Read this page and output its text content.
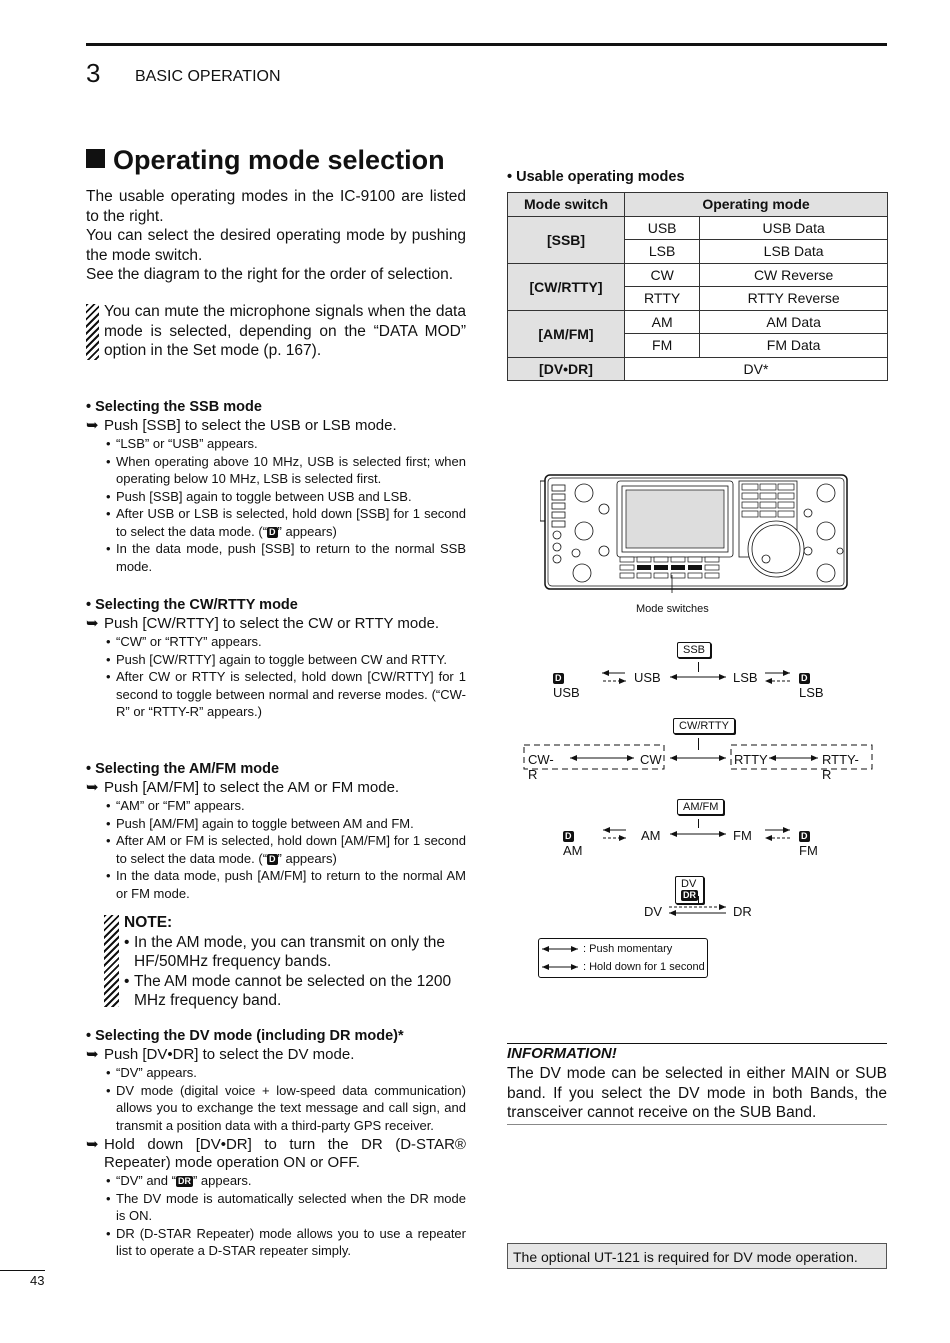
3 BASIC OPERATION
Operating mode selection
The usable operating modes in the IC-9100 are listed to the right.
You can select the desired operating mode by pushing the mode switch.
See the diagram to the right for the order of selection.
You can mute the microphone signals when the data mode is selected, depending on the “DATA MOD” option in the Set mode (p. 167).
• Selecting the SSB mode
➥ Push [SSB] to select the USB or LSB mode.
• “LSB” or “USB” appears.
• When operating above 10 MHz, USB is selected first; when operating below 10 MHz, LSB is selected first.
• Push [SSB] again to toggle between USB and LSB.
• After USB or LSB is selected, hold down [SSB] for 1 second to select the data mode. (“ D ” appears)
• In the data mode, push [SSB] to return to the normal SSB mode.
• Selecting the CW/RTTY mode
➥ Push [CW/RTTY] to select the CW or RTTY mode.
• “CW” or “RTTY” appears.
• Push [CW/RTTY] again to toggle between CW and RTTY.
• After CW or RTTY is selected, hold down [CW/RTTY] for 1 second to toggle between normal and reverse modes. (“CW-R” or “RTTY-R” appears.)
• Selecting the AM/FM mode
➥ Push [AM/FM] to select the AM or FM mode.
• “AM” or “FM” appears.
• Push [AM/FM] again to toggle between AM and FM.
• After AM or FM is selected, hold down [AM/FM] for 1 second to select the data mode. (“ D ” appears)
• In the data mode, push [AM/FM] to return to the normal AM or FM mode.
NOTE:
• In the AM mode, you can transmit on only the HF/50MHz frequency bands.
• The AM mode cannot be selected on the 1200 MHz frequency band.
• Selecting the DV mode (including DR mode)*
➥ Push [DV•DR] to select the DV mode.
• “DV” appears.
• DV mode (digital voice + low-speed data communication) allows you to exchange the text message and call sign, and transmit a position data with a third-party GPS receiver.
➥ Hold down [DV•DR] to turn the DR (D-STAR® Repeater) mode operation ON or OFF.
• “DV” and “ DR ” appears.
• The DV mode is automatically selected when the DR mode is ON.
• DR (D-STAR Repeater) mode allows you to use a repeater list to operate a D-STAR repeater simply.
• Usable operating modes
Mode switch	Operating mode	
[SSB]	USB	USB Data
	LSB	LSB Data
[CW/RTTY]	CW	CW Reverse
	RTTY	RTTY Reverse
[AM/FM]	AM	AM Data
	FM	FM Data
[DV•DR]	DV*	
Mode switches
SSB
DUSB
USB	LSB	DLSB
CW/RTTY
CW-R
CW	RTTY	RTTY-R
AM/FM
DAM
AM	FM	DFM
DV DR
DV	DR
: Push momentary
: Hold down for 1 second
INFORMATION!
The DV mode can be selected in either MAIN or SUB band. If you select the DV mode in both Bands, the transceiver cannot receive on the SUB Band.
The optional UT-121 is required for DV mode operation.
43
